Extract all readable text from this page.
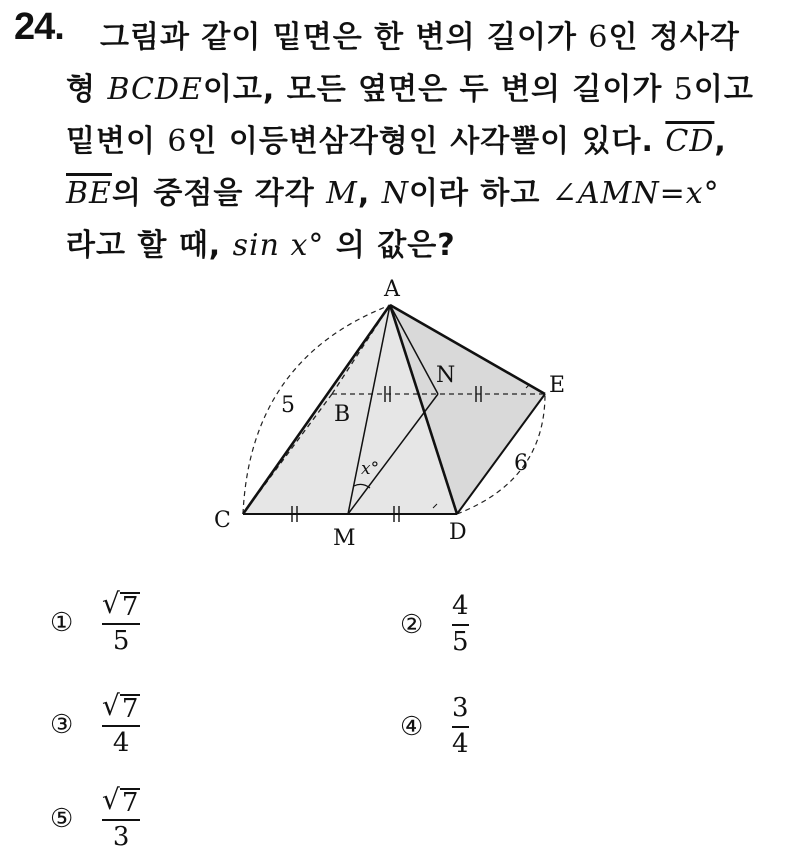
24. 그림과 같이 밑면은 한 변의 길이가 6인 정사각
형 BCDE이고, 모든 옆면은 두 변의 길이가 5이고
밑변이 6인 이등변삼각형인 사각뿔이 있다. $\overline{CD}$,
$\overline{BE}$의 중점을 각각 M, N이라 하고 ∠AMN=x°
라고 할 때, sin x° 의 값은?
A
B
C	D
E
M
N
5
6
x°
①	$\frac{√ 7}{5}$	②	$\frac{4}{5}$
③	$\frac{√ 7}{4}$	④	$\frac{3}{4}$
⑤	$\frac{√ 7}{3}$
